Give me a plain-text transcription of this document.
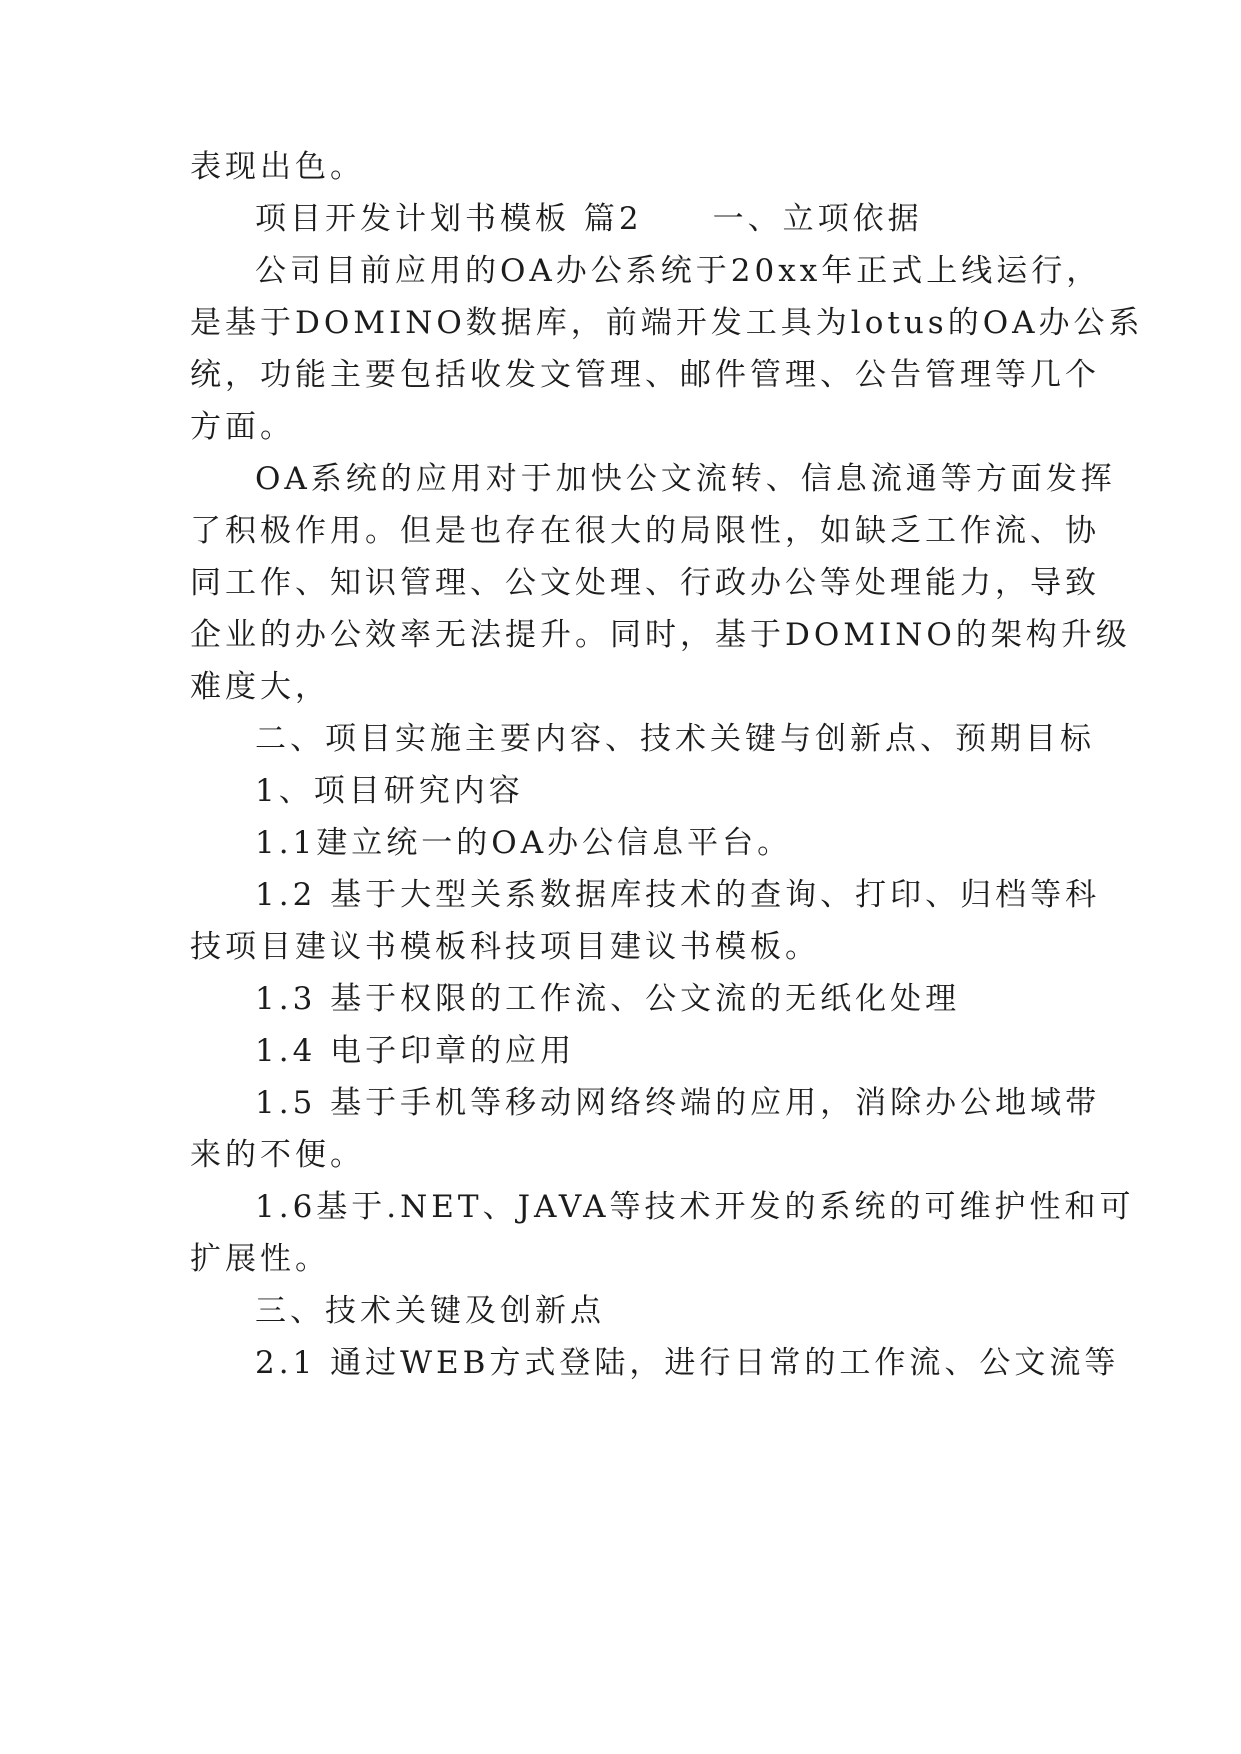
表现出色。
项目开发计划书模板 篇2　　一、立项依据
公司目前应用的OA办公系统于20xx年正式上线运行，
是基于DOMINO数据库，前端开发工具为lotus的OA办公系
统，功能主要包括收发文管理、邮件管理、公告管理等几个
方面。
OA系统的应用对于加快公文流转、信息流通等方面发挥
了积极作用。但是也存在很大的局限性，如缺乏工作流、协
同工作、知识管理、公文处理、行政办公等处理能力，导致
企业的办公效率无法提升。同时，基于DOMINO的架构升级
难度大，
二、项目实施主要内容、技术关键与创新点、预期目标
1、项目研究内容
1.1建立统一的OA办公信息平台。
1.2 基于大型关系数据库技术的查询、打印、归档等科
技项目建议书模板科技项目建议书模板。
1.3 基于权限的工作流、公文流的无纸化处理
1.4 电子印章的应用
1.5 基于手机等移动网络终端的应用，消除办公地域带
来的不便。
1.6基于.NET、JAVA等技术开发的系统的可维护性和可
扩展性。
三、技术关键及创新点
2.1 通过WEB方式登陆，进行日常的工作流、公文流等
